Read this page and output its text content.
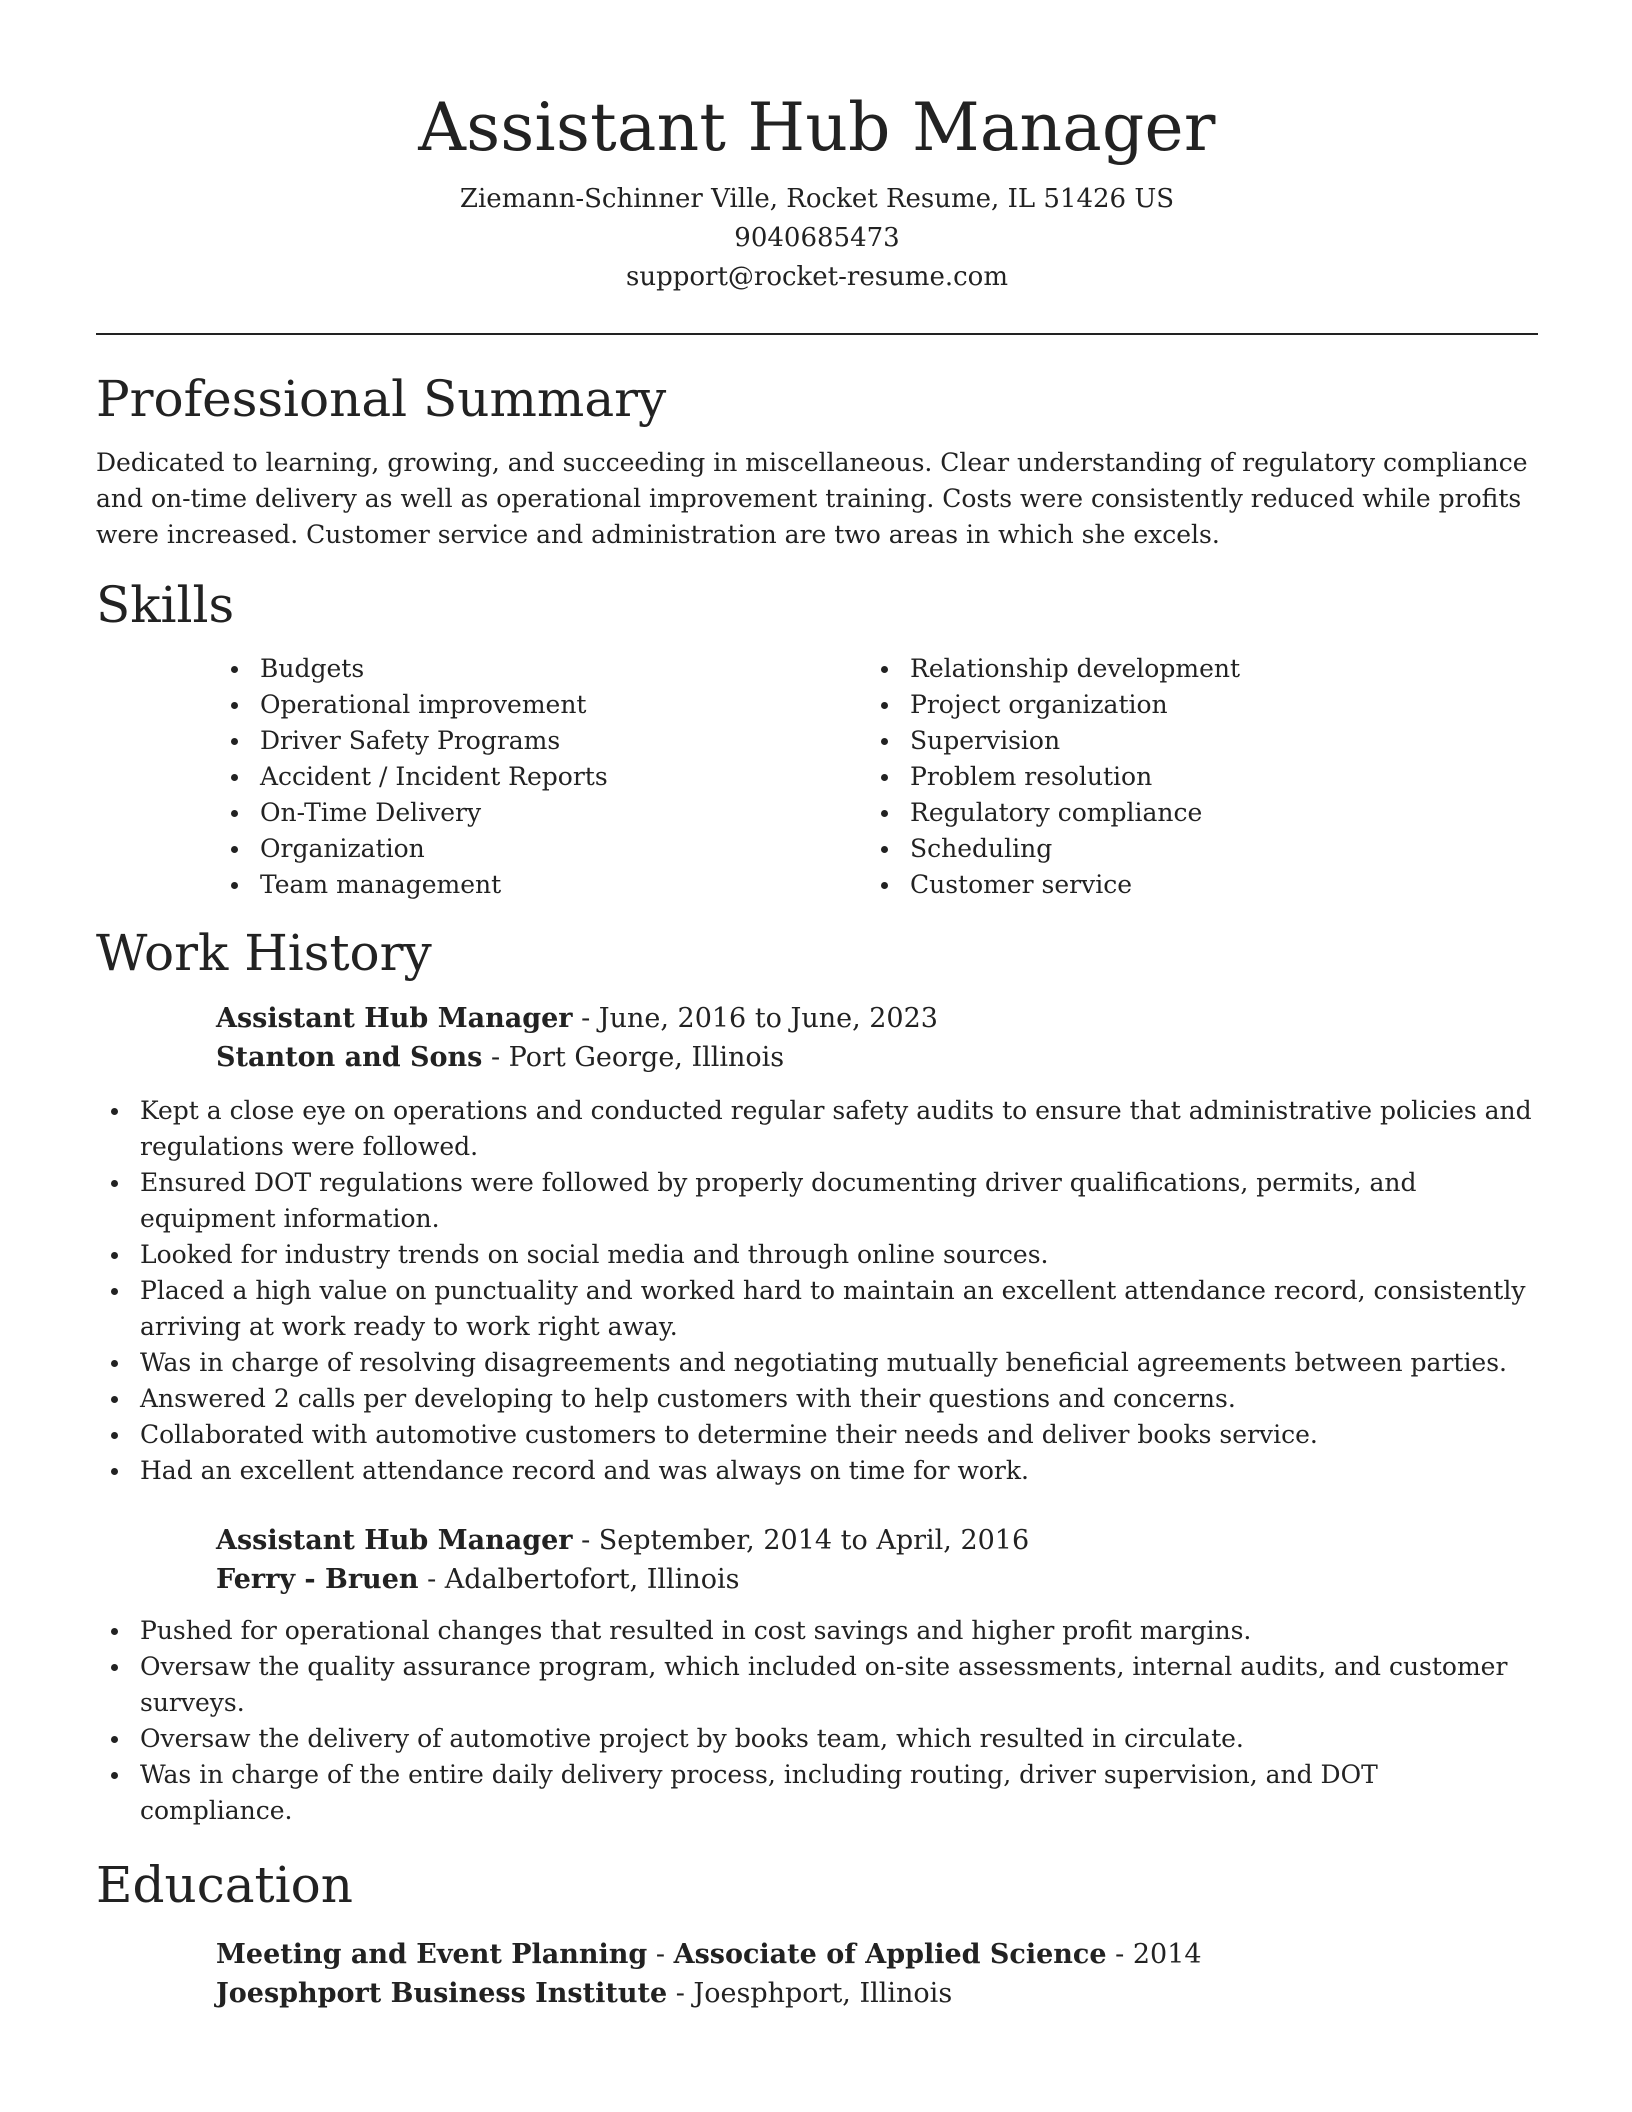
Assistant Hub Manager
Ziemann-Schinner Ville, Rocket Resume, IL 51426 US
9040685473
support@rocket-resume.com
Professional Summary

Dedicated to learning, growing, and succeeding in miscellaneous. Clear understanding of regulatory compliance and on-time delivery as well as operational improvement training. Costs were consistently reduced while profits were increased. Customer service and administration are two areas in which she excels.

Skills
Budgets
Operational improvement
Driver Safety Programs
Accident / Incident Reports
On-Time Delivery
Organization
Team management
Relationship development
Project organization
Supervision
Problem resolution
Regulatory compliance
Scheduling
Customer service
Work History
Assistant Hub Manager - June, 2016 to June, 2023
Stanton and Sons - Port George, Illinois
Kept a close eye on operations and conducted regular safety audits to ensure that administrative policies and regulations were followed.
Ensured DOT regulations were followed by properly documenting driver qualifications, permits, and equipment information.
Looked for industry trends on social media and through online sources.
Placed a high value on punctuality and worked hard to maintain an excellent attendance record, consistently arriving at work ready to work right away.
Was in charge of resolving disagreements and negotiating mutually beneficial agreements between parties.
Answered 2 calls per developing to help customers with their questions and concerns.
Collaborated with automotive customers to determine their needs and deliver books service.
Had an excellent attendance record and was always on time for work.
Assistant Hub Manager - September, 2014 to April, 2016
Ferry - Bruen - Adalbertofort, Illinois
Pushed for operational changes that resulted in cost savings and higher profit margins.
Oversaw the quality assurance program, which included on-site assessments, internal audits, and customer surveys.
Oversaw the delivery of automotive project by books team, which resulted in circulate.
Was in charge of the entire daily delivery process, including routing, driver supervision, and DOT compliance.
Education
Meeting and Event Planning - Associate of Applied Science - 2014
Joesphport Business Institute - Joesphport, Illinois
